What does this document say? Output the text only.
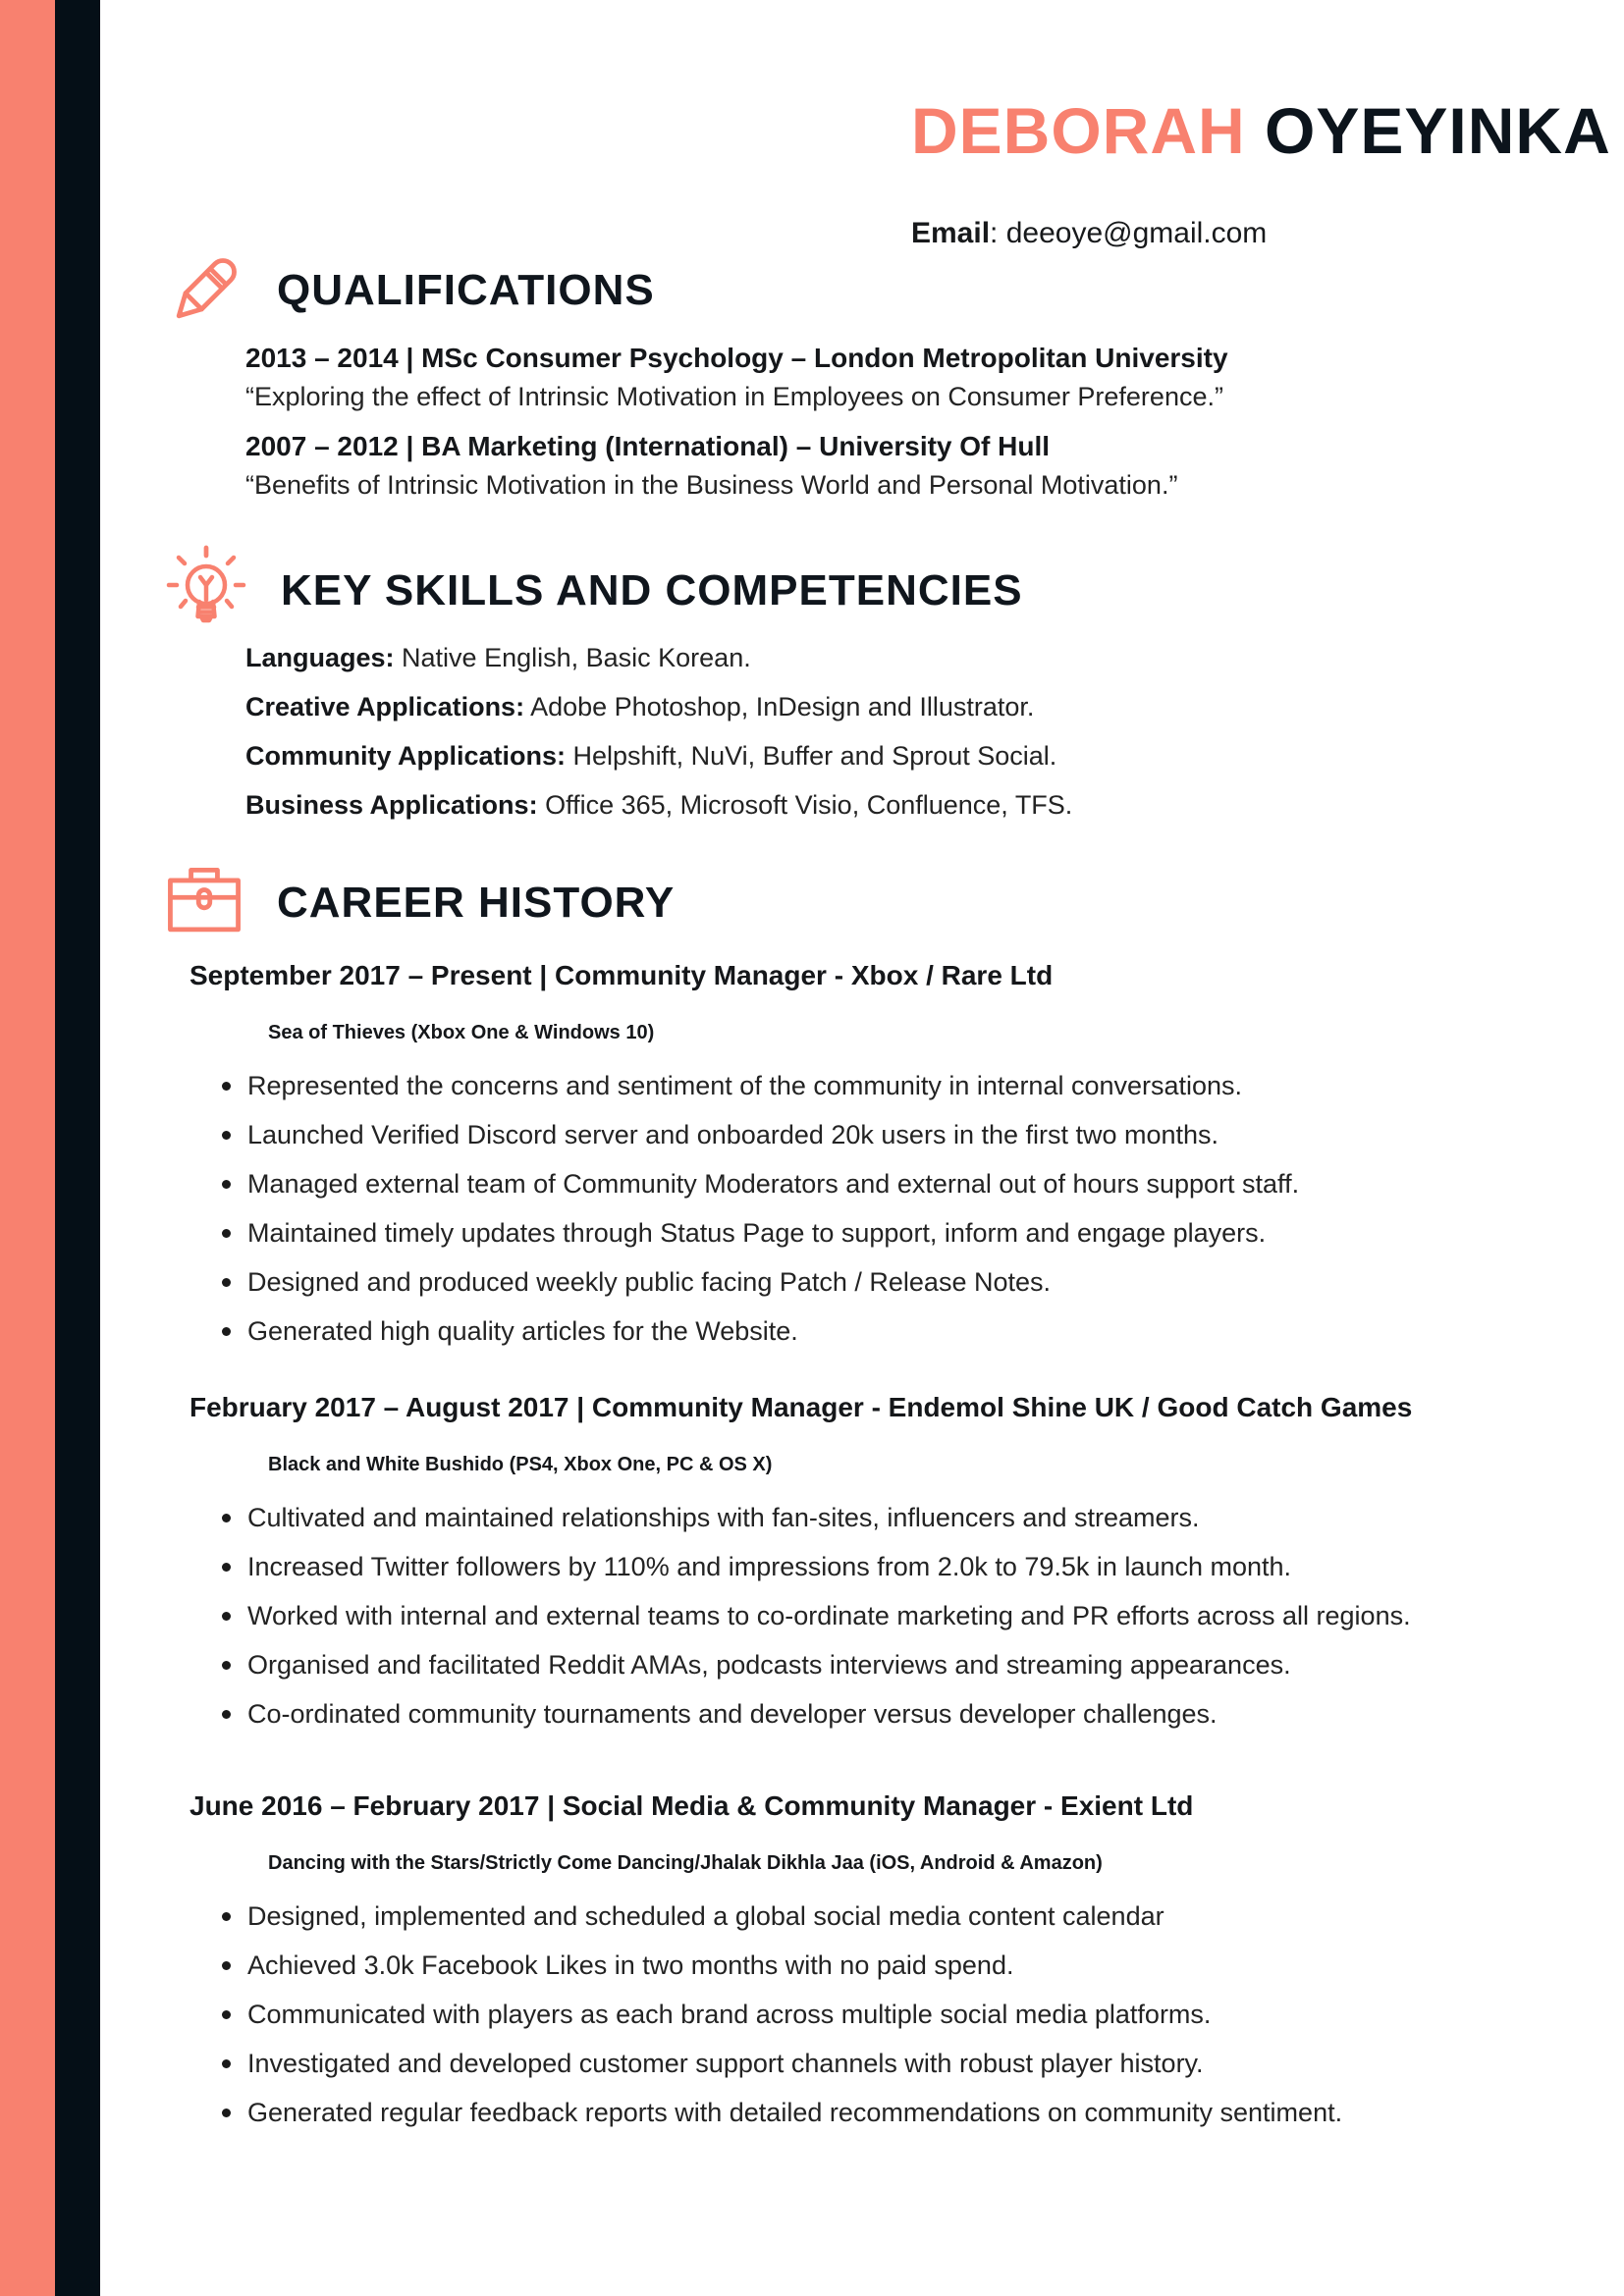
DEBORAH OYEYINKA

Email: deeoye@gmail.com

QUALIFICATIONS

2013 – 2014 | MSc Consumer Psychology – London Metropolitan University

“Exploring the effect of Intrinsic Motivation in Employees on Consumer Preference.”

2007 – 2012 | BA Marketing (International) – University Of Hull

“Benefits of Intrinsic Motivation in the Business World and Personal Motivation.”

KEY SKILLS AND COMPETENCIES

Languages: Native English, Basic Korean.

Creative Applications: Adobe Photoshop, InDesign and Illustrator.

Community Applications: Helpshift, NuVi, Buffer and Sprout Social.

Business Applications: Office 365, Microsoft Visio, Confluence, TFS.

CAREER HISTORY
September 2017 – Present | Community Manager - Xbox / Rare Ltd

Sea of Thieves (Xbox One & Windows 10)

Represented the concerns and sentiment of the community in internal conversations.
Launched Verified Discord server and onboarded 20k users in the first two months.
Managed external team of Community Moderators and external out of hours support staff.
Maintained timely updates through Status Page to support, inform and engage players.
Designed and produced weekly public facing Patch / Release Notes.
Generated high quality articles for the Website.
February 2017 – August 2017 | Community Manager - Endemol Shine UK / Good Catch Games

Black and White Bushido (PS4, Xbox One, PC & OS X)

Cultivated and maintained relationships with fan-sites, influencers and streamers.
Increased Twitter followers by 110% and impressions from 2.0k to 79.5k in launch month.
Worked with internal and external teams to co-ordinate marketing and PR efforts across all regions.
Organised and facilitated Reddit AMAs, podcasts interviews and streaming appearances.
Co-ordinated community tournaments and developer versus developer challenges.
June 2016 – February 2017 | Social Media & Community Manager - Exient Ltd

Dancing with the Stars/Strictly Come Dancing/Jhalak Dikhla Jaa (iOS, Android & Amazon)

Designed, implemented and scheduled a global social media content calendar
Achieved 3.0k Facebook Likes in two months with no paid spend.
Communicated with players as each brand across multiple social media platforms.
Investigated and developed customer support channels with robust player history.
Generated regular feedback reports with detailed recommendations on community sentiment.
